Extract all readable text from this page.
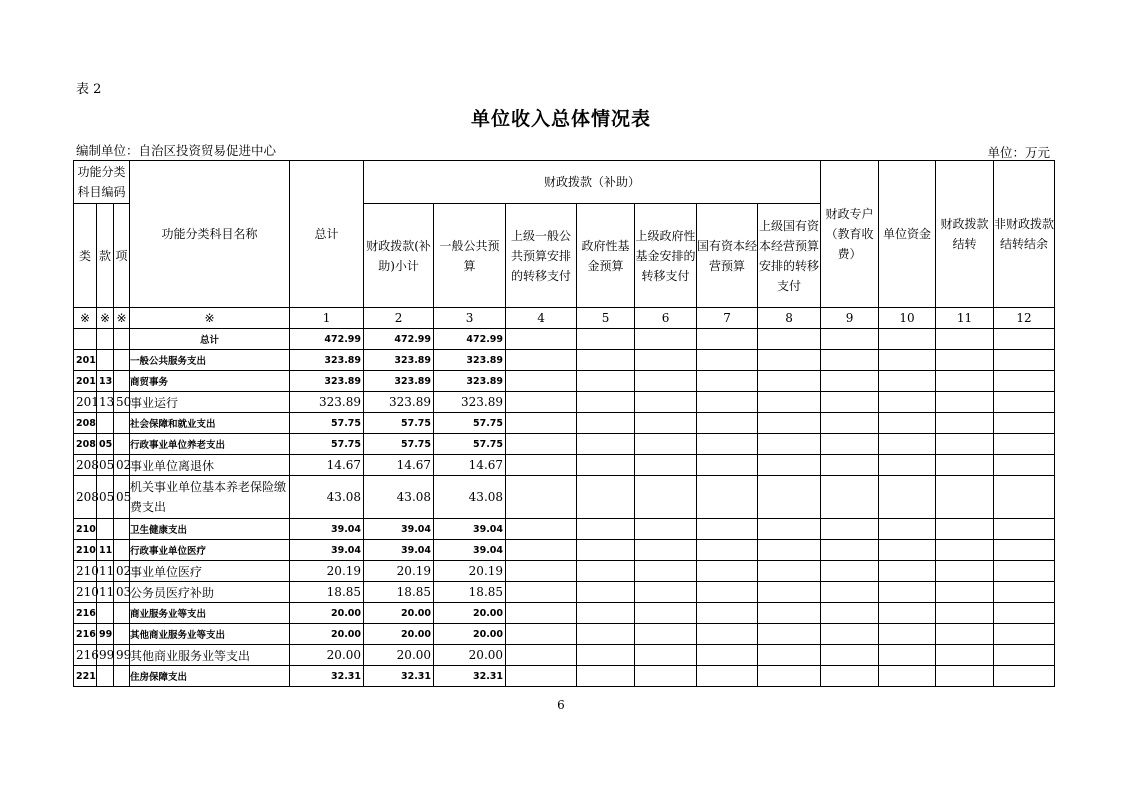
表 2
单位收入总体情况表
编制单位：自治区投资贸易促进中心	单位：万元
功能分类科目编码			功能分类科目名称	总计	财政拨款（补助）							财政专户（教育收费）	单位资金	财政拨款结转	非财政拨款结转结余
类	款	项			财政拨款(补助)小计	一般公共预算	上级一般公共预算安排的转移支付	政府性基金预算	上级政府性基金安排的转移支付	国有资本经营预算	上级国有资本经营预算安排的转移支付				
※	※	※	※	1	2	3	4	5	6	7	8	9	10	11	12
			总计	472.99	472.99	472.99									
201			一般公共服务支出	323.89	323.89	323.89									
201	13		商贸事务	323.89	323.89	323.89									
201	13	50	事业运行	323.89	323.89	323.89									
208			社会保障和就业支出	57.75	57.75	57.75									
208	05		行政事业单位养老支出	57.75	57.75	57.75									
208	05	02	事业单位离退休	14.67	14.67	14.67									
208	05	05	机关事业单位基本养老保险缴费支出	43.08	43.08	43.08									
210			卫生健康支出	39.04	39.04	39.04									
210	11		行政事业单位医疗	39.04	39.04	39.04									
210	11	02	事业单位医疗	20.19	20.19	20.19									
210	11	03	公务员医疗补助	18.85	18.85	18.85									
216			商业服务业等支出	20.00	20.00	20.00									
216	99		其他商业服务业等支出	20.00	20.00	20.00									
216	99	99	其他商业服务业等支出	20.00	20.00	20.00									
221			住房保障支出	32.31	32.31	32.31									
6
